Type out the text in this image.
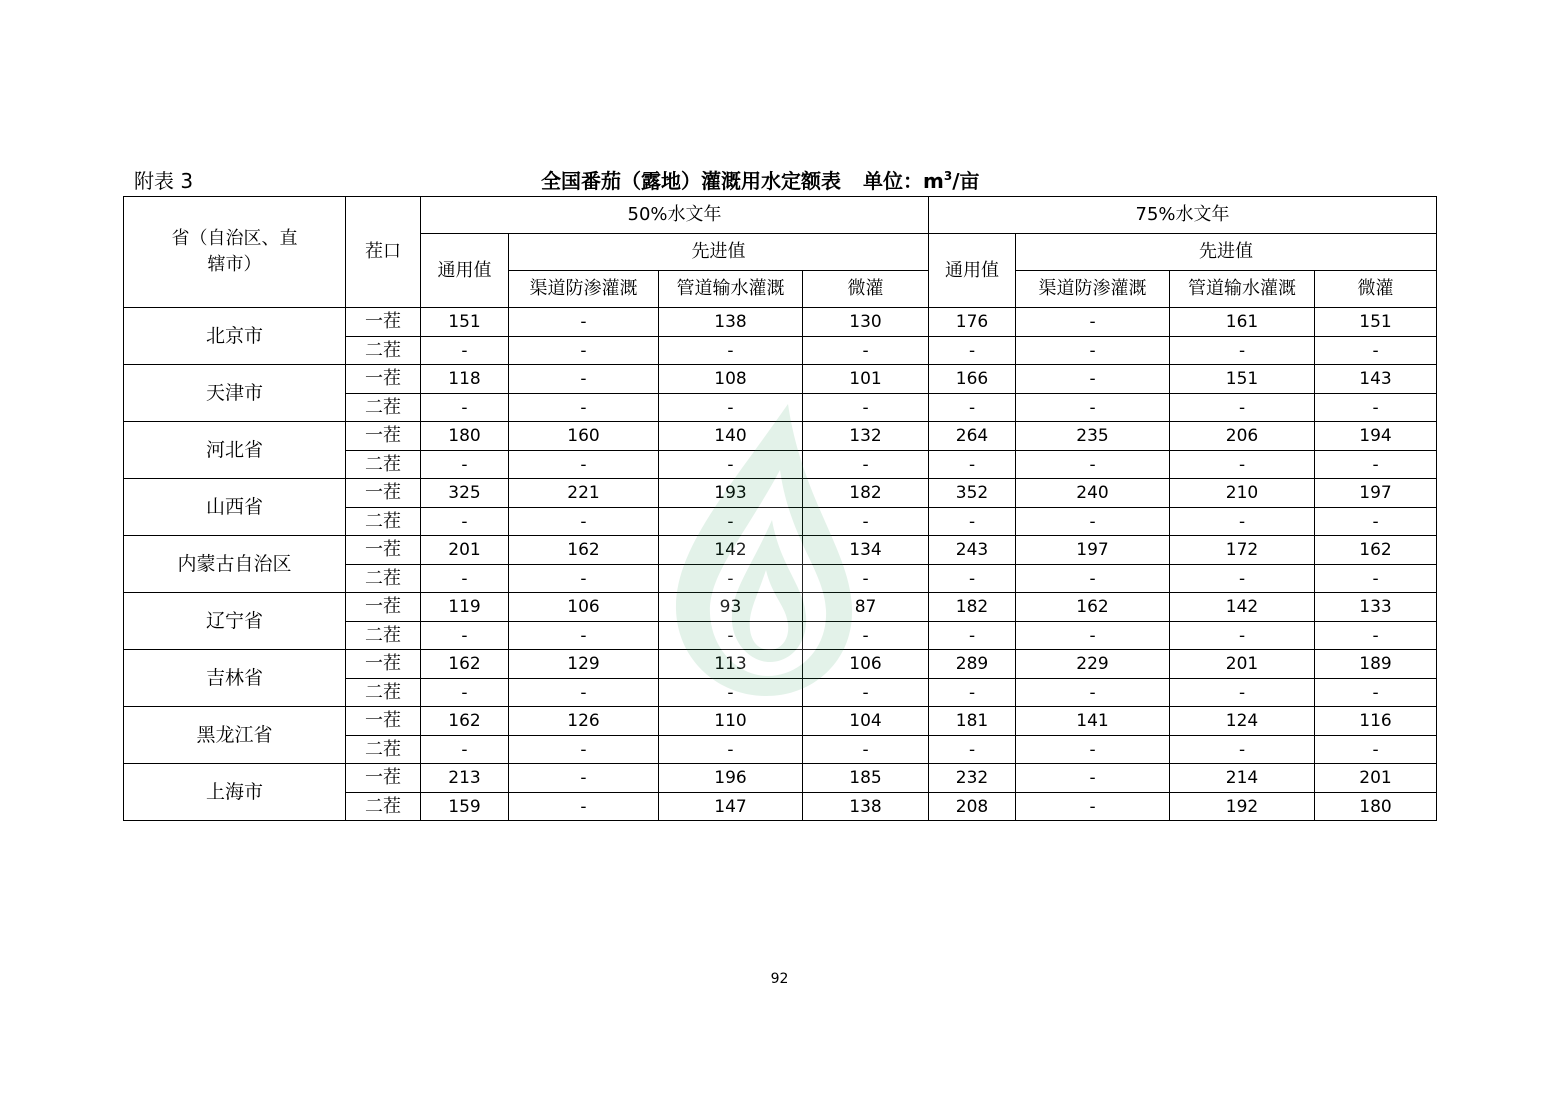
附表 3	全国番茄（露地）灌溉用水定额表 单位：$m^3/$亩
省（自治区、直辖市）	茬口	50%水文年				75%水文年			
		通用值	先进值			通用值	先进值		
			渠道防渗灌溉	管道输水灌溉	微灌		渠道防渗灌溉	管道输水灌溉	微灌
北京市	一茬	151	-	138	130	176	-	161	151
	二茬	-	-	-	-	-	-	-	-
天津市	一茬	118	-	108	101	166	-	151	143
	二茬	-	-	-	-	-	-	-	-
河北省	一茬	180	160	140	132	264	235	206	194
	二茬	-	-	-	-	-	-	-	-
山西省	一茬	325	221	193	182	352	240	210	197
	二茬	-	-	-	-	-	-	-	-
内蒙古自治区	一茬	201	162	142	134	243	197	172	162
	二茬	-	-	-	-	-	-	-	-
辽宁省	一茬	119	106	93	87	182	162	142	133
	二茬	-	-	-	-	-	-	-	-
吉林省	一茬	162	129	113	106	289	229	201	189
	二茬	-	-	-	-	-	-	-	-
黑龙江省	一茬	162	126	110	104	181	141	124	116
	二茬	-	-	-	-	-	-	-	-
上海市	一茬	213	-	196	185	232	-	214	201
	二茬	159	-	147	138	208	-	192	180
92
